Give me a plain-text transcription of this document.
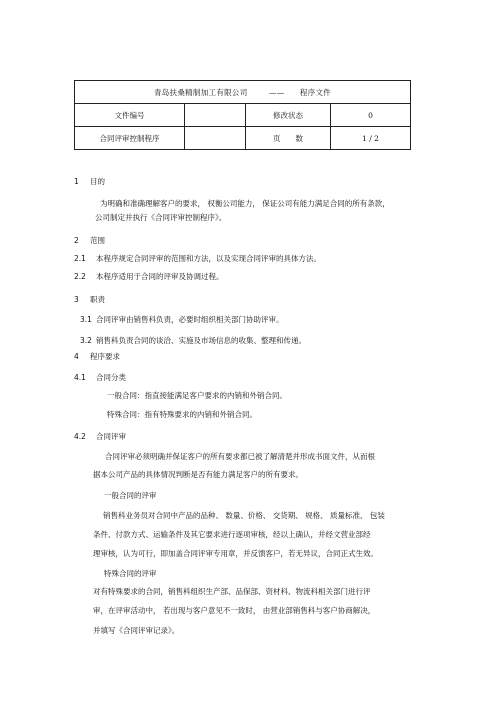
青岛扶桑精制加工有限公司 —— 程序文件			
文件编号		修改状态	0
合同评审控制程序		页　　数	1 / 2
1 目的
为明确和准确理解客户的要求， 权衡公司能力， 保证公司有能力满足合同的所有条款，
公司制定并执行《合同评审控制程序》。
2 范围
2.1 本程序规定合同评审的范围和方法，以及实现合同评审的具体方法。
2.2 本程序适用于合同的评审及协调过程。
3 职责
3.1 合同评审由销售科负责，必要时组织相关部门协助评审。
3.2 销售科负责合同的谈洽、实施及市场信息的收集、整理和传递。
4 程序要求
4.1 合同分类
一般合同：指直接能满足客户要求的内销和外销合同。
特殊合同：指有特殊要求的内销和外销合同。
4.2 合同评审
合同评审必须明确并保证客户的所有要求都已被了解清楚并形成书面文件，从而根
据本公司产品的具体情况判断是否有能力满足客户的所有要求。
一般合同的评审
销售科业务员对合同中产品的品种、 数量、价格、 交货期、 规格、 质量标准、 包装
条件、付款方式、运输条件及其它要求进行逐项审核，经以上确认，并经文营业部经
理审核，认为可行，即加盖合同评审专用章，并反馈客户，若无异议，合同正式生效。
特殊合同的评审
对有特殊要求的合同，销售科组织生产部、品保部、资材科、物流科相关部门进行评
审，在评审活动中， 若出现与客户意见不一致时， 由营业部销售科与客户协商解决，
并填写《合同评审记录》。
